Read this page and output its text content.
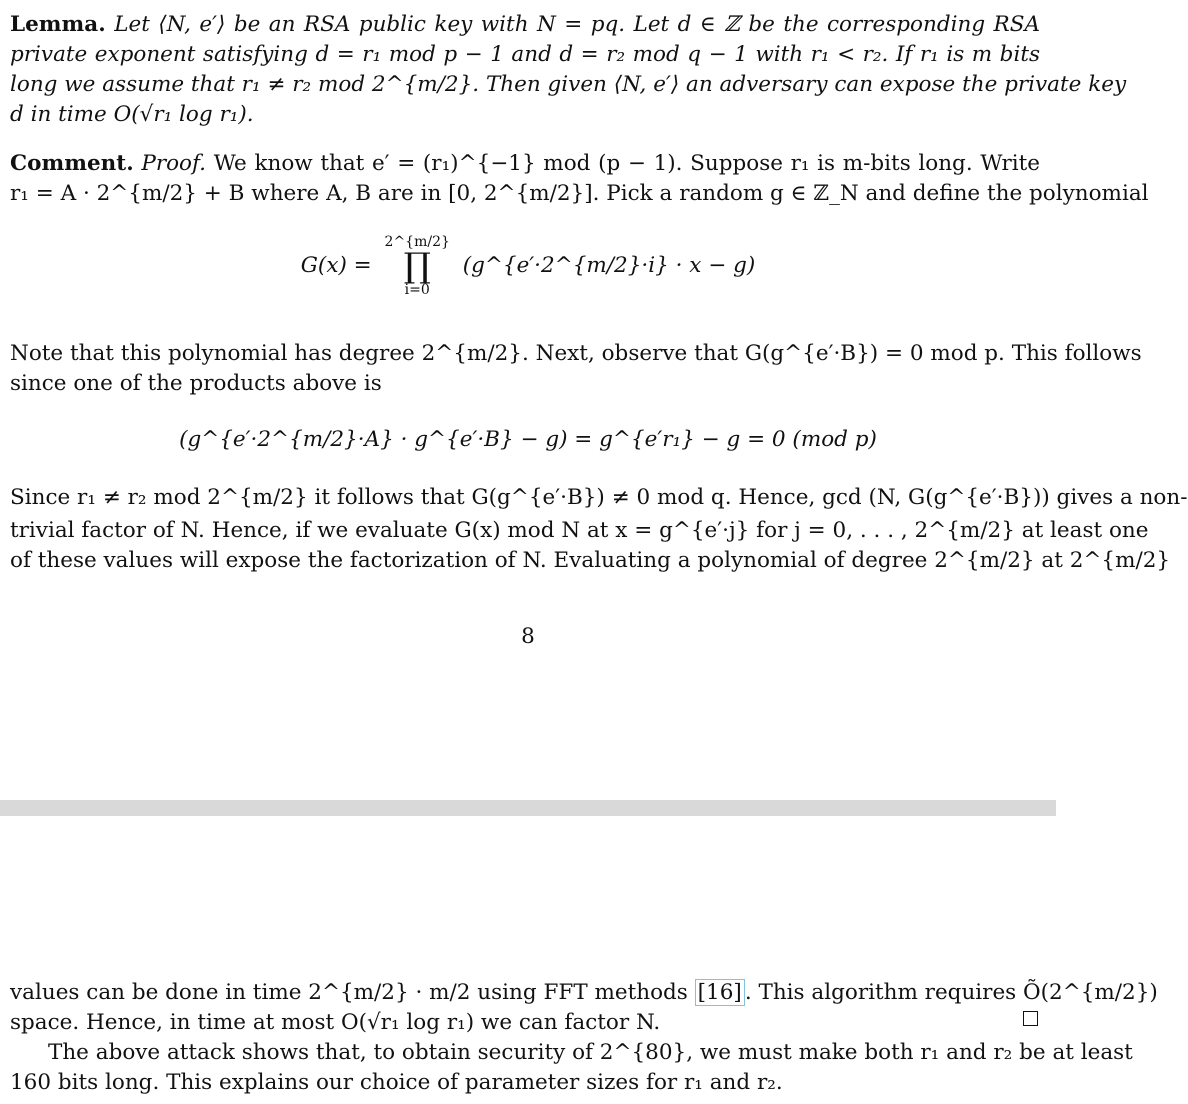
Lemma. Let ⟨N, e′⟩ be an RSA public key with N = pq. Let d ∈ ℤ be the corresponding RSA
private exponent satisfying d = r₁ mod p − 1 and d = r₂ mod q − 1 with r₁ < r₂. If r₁ is m bits
long we assume that r₁ ≠ r₂ mod 2^{m/2}. Then given ⟨N, e′⟩ an adversary can expose the private key
d in time O(√r₁ log r₁).
Comment. Proof. We know that e′ = (r₁)^{−1} mod (p − 1). Suppose r₁ is m-bits long. Write
r₁ = A · 2^{m/2} + B where A, B are in [0, 2^{m/2}]. Pick a random g ∈ ℤ_N and define the polynomial
G(x) =
2^{m/2}
∏
i=0
(g^{e′·2^{m/2}·i} · x − g)
Note that this polynomial has degree 2^{m/2}. Next, observe that G(g^{e′·B}) = 0 mod p. This follows
since one of the products above is
(g^{e′·2^{m/2}·A} · g^{e′·B} − g) = g^{e′r₁} − g = 0 (mod p)
Since r₁ ≠ r₂ mod 2^{m/2} it follows that G(g^{e′·B}) ≠ 0 mod q. Hence, gcd (N, G(g^{e′·B})) gives a non-
trivial factor of N. Hence, if we evaluate G(x) mod N at x = g^{e′·j} for j = 0, . . . , 2^{m/2} at least one
of these values will expose the factorization of N. Evaluating a polynomial of degree 2^{m/2} at 2^{m/2}
8
values can be done in time 2^{m/2} · m/2 using FFT methods [16] . This algorithm requires Õ(2^{m/2})
space. Hence, in time at most O(√r₁ log r₁) we can factor N.
The above attack shows that, to obtain security of 2^{80}, we must make both r₁ and r₂ be at least
160 bits long. This explains our choice of parameter sizes for r₁ and r₂.
